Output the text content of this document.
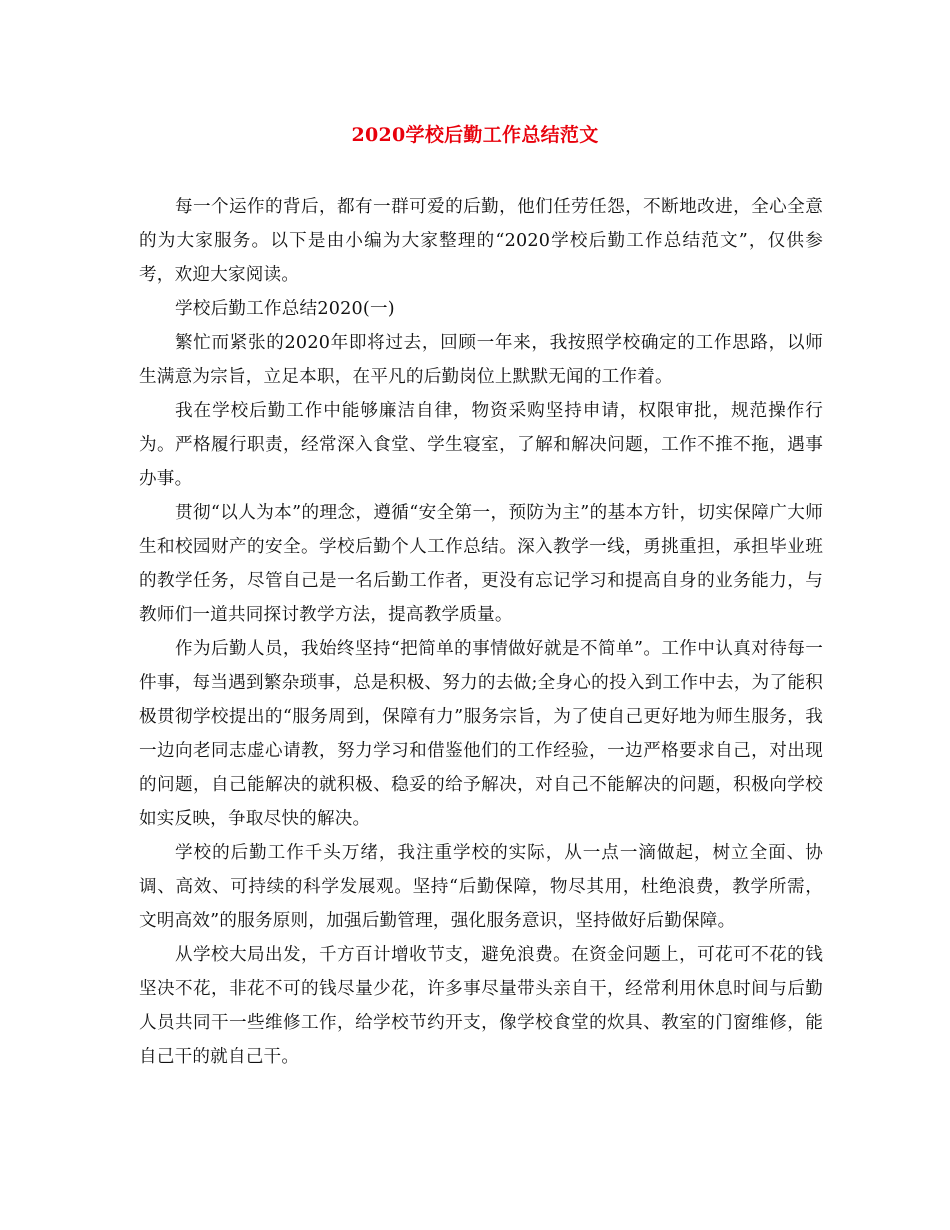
2020学校后勤工作总结范文

每一个运作的背后，都有一群可爱的后勤，他们任劳任怨，不断地改进，全心全意的为大家服务。以下是由小编为大家整理的“2020学校后勤工作总结范文”，仅供参考，欢迎大家阅读。

学校后勤工作总结2020(一)

繁忙而紧张的2020年即将过去，回顾一年来，我按照学校确定的工作思路，以师生满意为宗旨，立足本职，在平凡的后勤岗位上默默无闻的工作着。

我在学校后勤工作中能够廉洁自律，物资采购坚持申请，权限审批，规范操作行为。严格履行职责，经常深入食堂、学生寝室，了解和解决问题，工作不推不拖，遇事办事。

贯彻“以人为本”的理念，遵循“安全第一，预防为主”的基本方针，切实保障广大师生和校园财产的安全。学校后勤个人工作总结。深入教学一线，勇挑重担，承担毕业班的教学任务，尽管自己是一名后勤工作者，更没有忘记学习和提高自身的业务能力，与教师们一道共同探讨教学方法，提高教学质量。

作为后勤人员，我始终坚持“把简单的事情做好就是不简单”。工作中认真对待每一件事，每当遇到繁杂琐事，总是积极、努力的去做;全身心的投入到工作中去，为了能积极贯彻学校提出的“服务周到，保障有力”服务宗旨，为了使自己更好地为师生服务，我一边向老同志虚心请教，努力学习和借鉴他们的工作经验，一边严格要求自己，对出现的问题，自己能解决的就积极、稳妥的给予解决，对自己不能解决的问题，积极向学校如实反映，争取尽快的解决。

学校的后勤工作千头万绪，我注重学校的实际，从一点一滴做起，树立全面、协调、高效、可持续的科学发展观。坚持“后勤保障，物尽其用，杜绝浪费，教学所需，文明高效”的服务原则，加强后勤管理，强化服务意识，坚持做好后勤保障。

从学校大局出发，千方百计增收节支，避免浪费。在资金问题上，可花可不花的钱坚决不花，非花不可的钱尽量少花，许多事尽量带头亲自干，经常利用休息时间与后勤人员共同干一些维修工作，给学校节约开支，像学校食堂的炊具、教室的门窗维修，能自己干的就自己干。
